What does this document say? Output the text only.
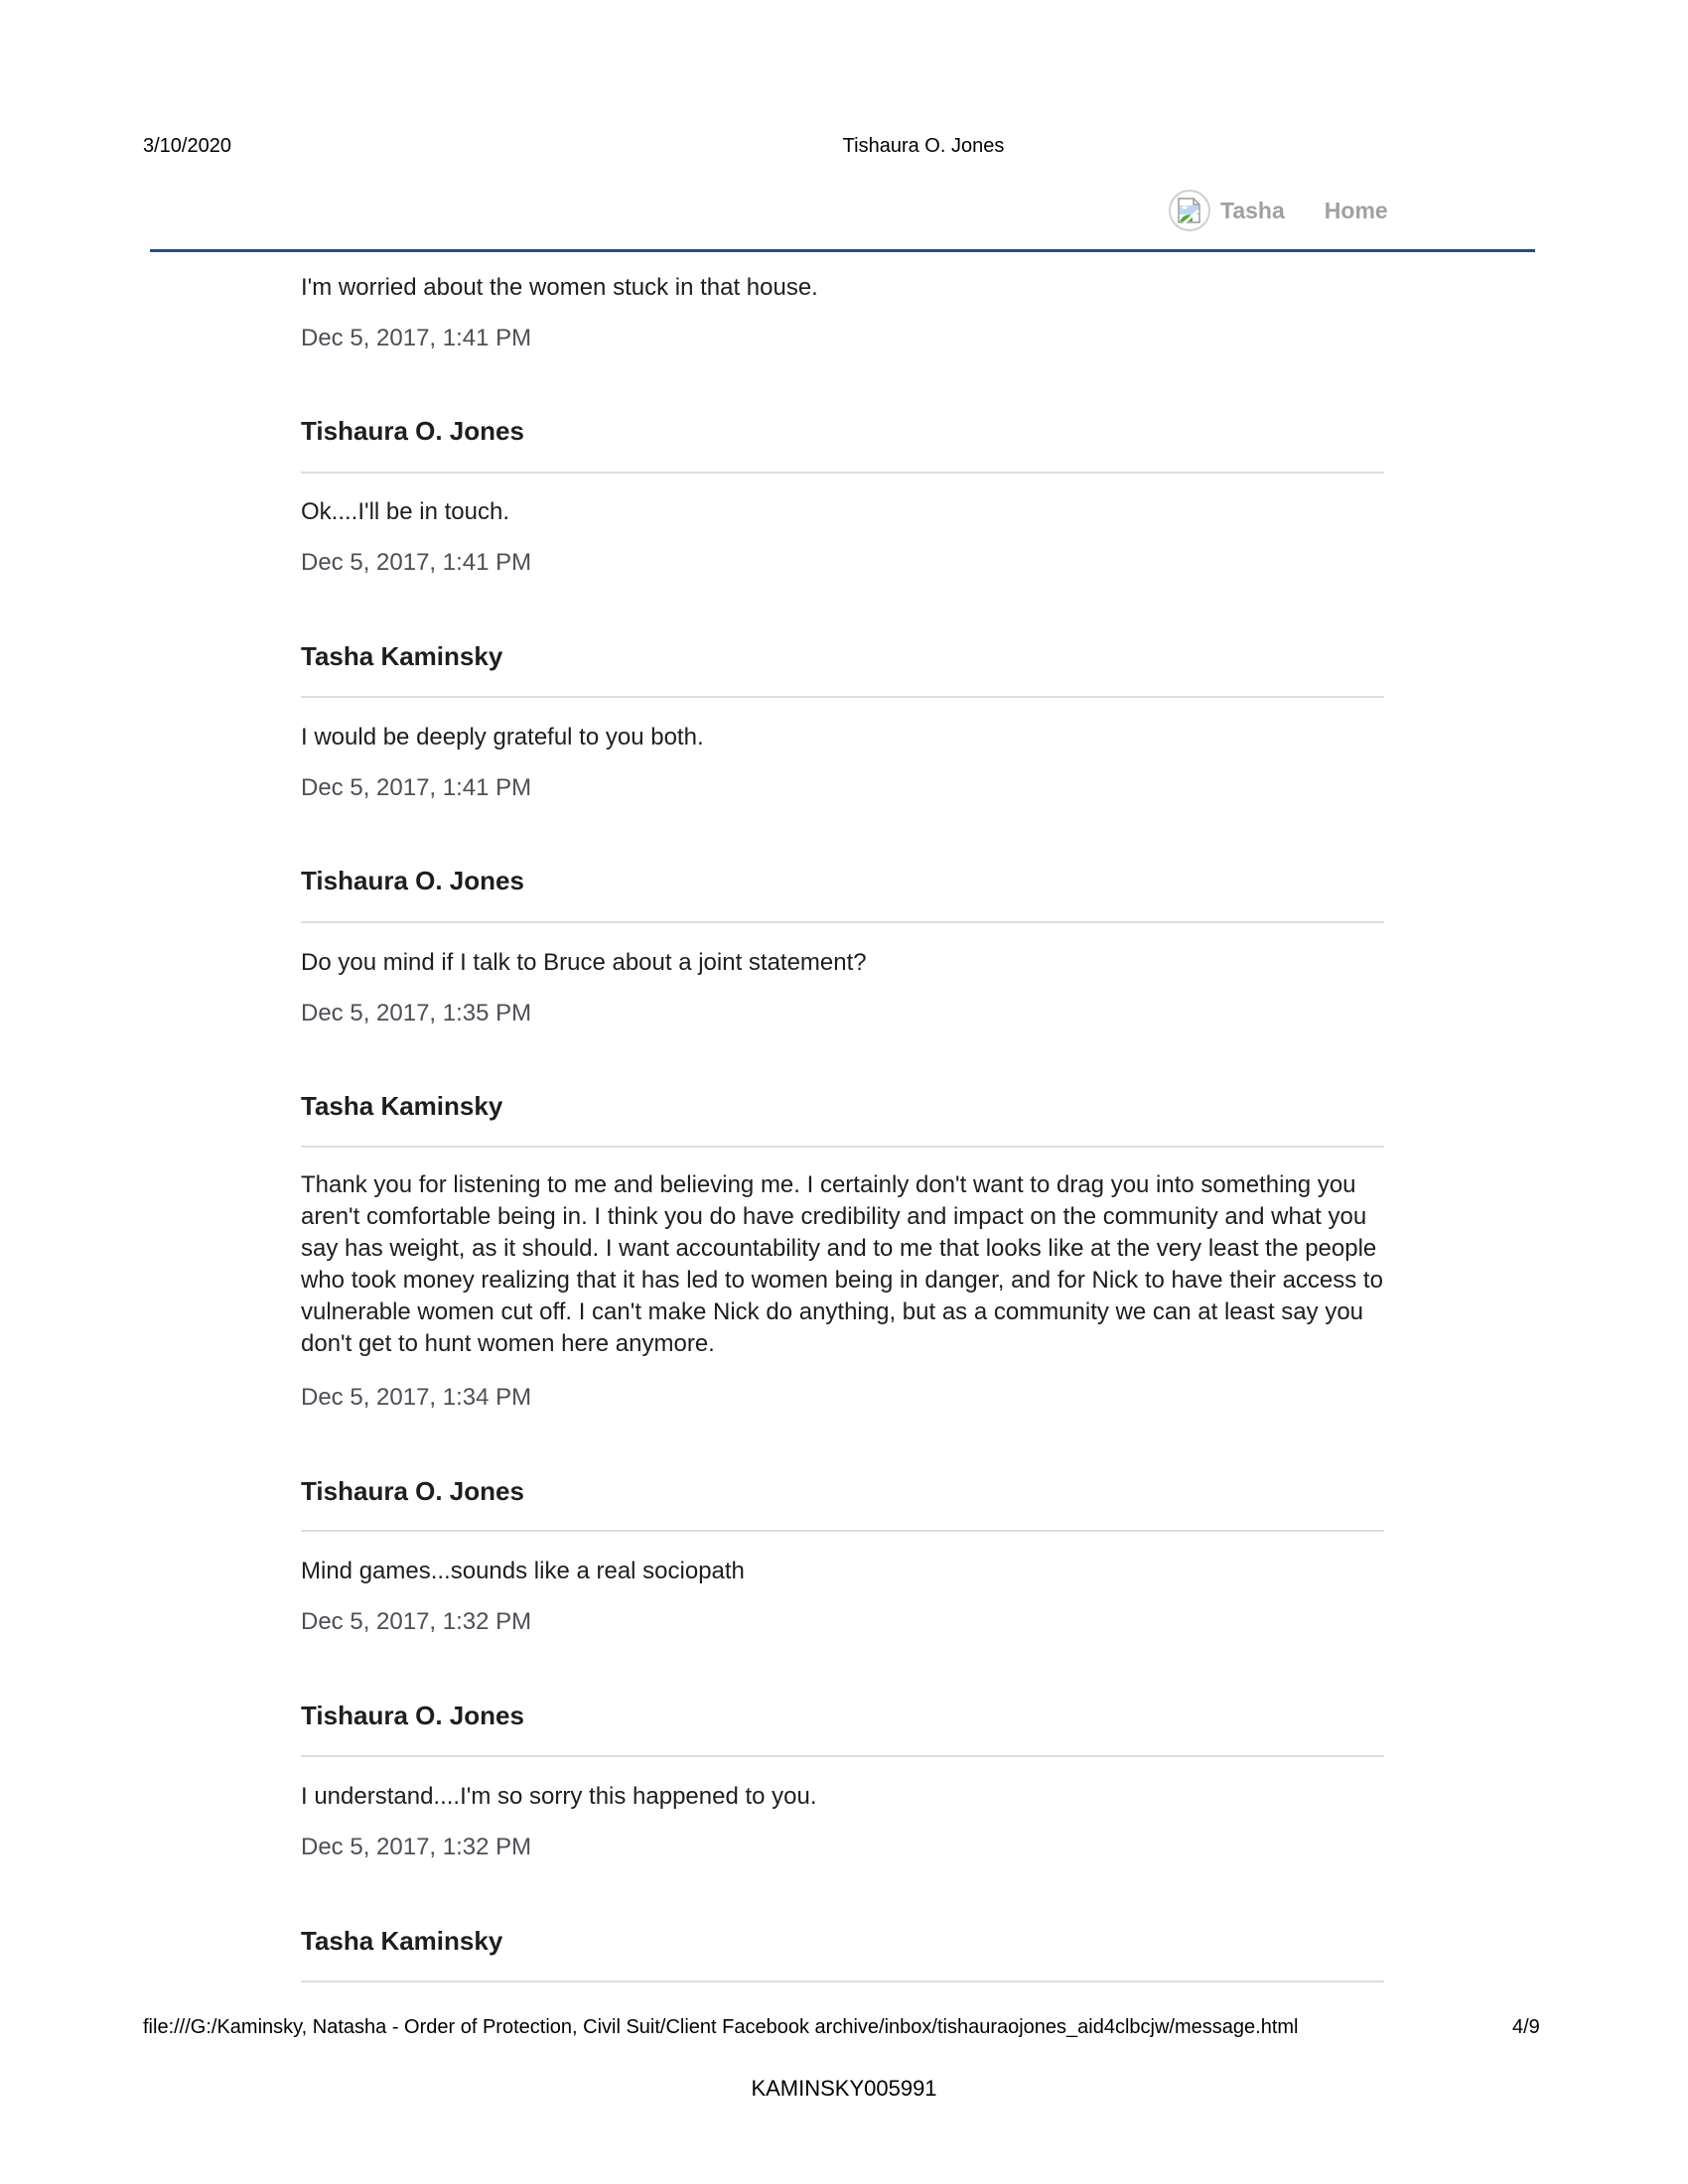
3/10/2020	Tishaura O. Jones
Tasha Home
I'm worried about the women stuck in that house.
Dec 5, 2017, 1:41 PM
Tishaura O. Jones
Ok....I'll be in touch.
Dec 5, 2017, 1:41 PM
Tasha Kaminsky
I would be deeply grateful to you both.
Dec 5, 2017, 1:41 PM
Tishaura O. Jones
Do you mind if I talk to Bruce about a joint statement?
Dec 5, 2017, 1:35 PM
Tasha Kaminsky
Thank you for listening to me and believing me. I certainly don't want to drag you into something you aren't comfortable being in. I think you do have credibility and impact on the community and what you say has weight, as it should. I want accountability and to me that looks like at the very least the people who took money realizing that it has led to women being in danger, and for Nick to have their access to vulnerable women cut off. I can't make Nick do anything, but as a community we can at least say you don't get to hunt women here anymore.
Dec 5, 2017, 1:34 PM
Tishaura O. Jones
Mind games...sounds like a real sociopath
Dec 5, 2017, 1:32 PM
Tishaura O. Jones
I understand....I'm so sorry this happened to you.
Dec 5, 2017, 1:32 PM
Tasha Kaminsky
file:///G:/Kaminsky, Natasha - Order of Protection, Civil Suit/Client Facebook archive/inbox/tishauraojones_aid4clbcjw/message.html	4/9
KAMINSKY005991
